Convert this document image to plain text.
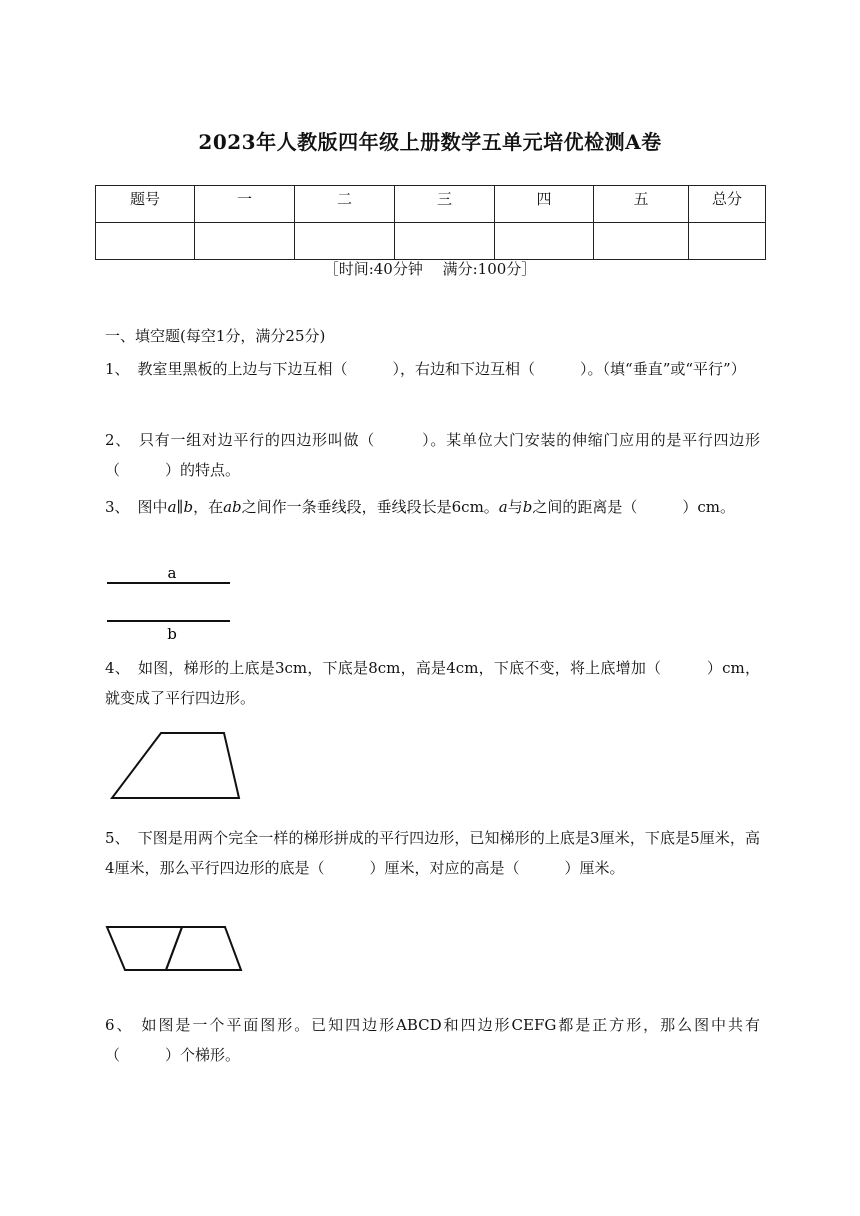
2023年人教版四年级上册数学五单元培优检测A卷
题号	一	二	三	四	五	总分

［时间:40分钟　 满分:100分］
一、填空题(每空1分，满分25分)
1、 教室里黑板的上边与下边互相（　　　），右边和下边互相（　　　）。（填“垂直”或“平行”）
2、 只有一组对边平行的四边形叫做（　　　）。某单位大门安装的伸缩门应用的是平行四边形（　　　）的特点。
3、 图中a∥b，在ab之间作一条垂线段，垂线段长是6cm。a与b之间的距离是（　　　）cm。
a
b
4、 如图，梯形的上底是3cm，下底是8cm，高是4cm，下底不变，将上底增加（　　　）cm，就变成了平行四边形。
5、 下图是用两个完全一样的梯形拼成的平行四边形，已知梯形的上底是3厘米，下底是5厘米，高4厘米，那么平行四边形的底是（　　　）厘米，对应的高是（　　　）厘米。
6、 如图是一个平面图形。已知四边形ABCD和四边形CEFG都是正方形，那么图中共有（　　　）个梯形。
